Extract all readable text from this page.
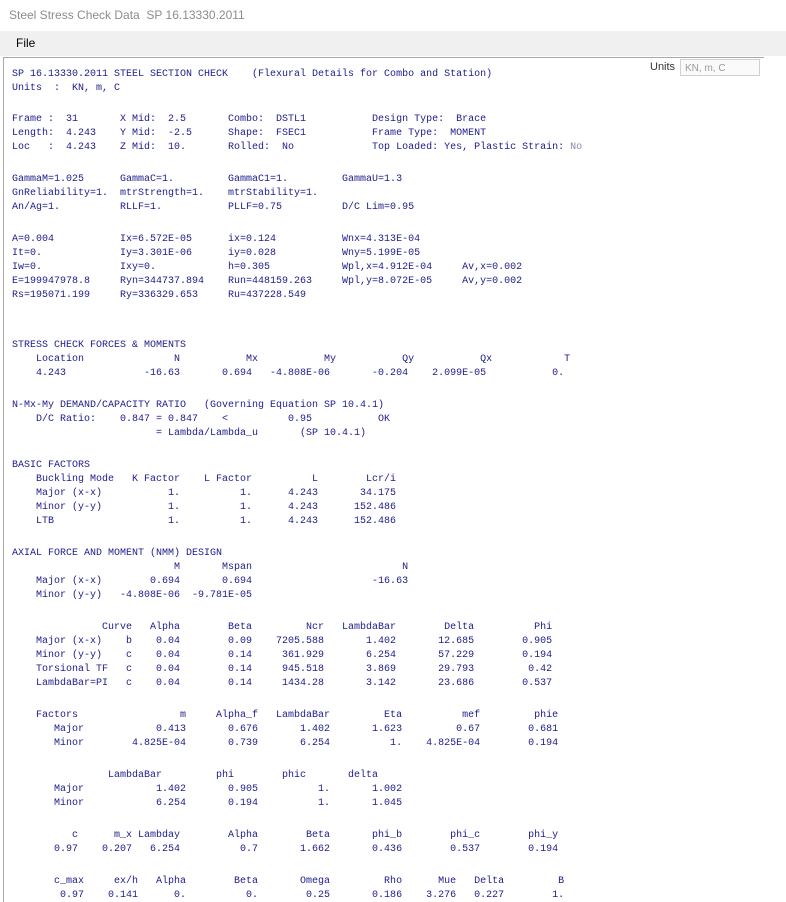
Steel Stress Check Data  SP 16.13330.2011
File
SP 16.13330.2011 STEEL SECTION CHECK    (Flexural Details for Combo and Station)
Units  :  KN, m, C
Frame :  31       X Mid:  2.5       Combo:  DSTL1           Design Type:  Brace
Length:  4.243    Y Mid:  -2.5      Shape:  FSEC1           Frame Type:  MOMENT
Loc   :  4.243    Z Mid:  10.       Rolled:  No             Top Loaded: Yes, Plastic Strain: No
GammaM=1.025      GammaC=1.         GammaC1=1.         GammaU=1.3
GnReliability=1.  mtrStrength=1.    mtrStability=1.
An/Ag=1.          RLLF=1.           PLLF=0.75          D/C Lim=0.95
A=0.004           Ix=6.572E-05      ix=0.124           Wnx=4.313E-04
It=0.             Iy=3.301E-06      iy=0.028           Wny=5.199E-05
Iw=0.             Ixy=0.            h=0.305            Wpl,x=4.912E-04     Av,x=0.002
E=199947978.8     Ryn=344737.894    Run=448159.263     Wpl,y=8.072E-05     Av,y=0.002
Rs=195071.199     Ry=336329.653     Ru=437228.549
STRESS CHECK FORCES & MOMENTS
Location               N           Mx           My           Qy           Qx            T
4.243             -16.63       0.694   -4.808E-06       -0.204    2.099E-05           0.
N-Mx-My DEMAND/CAPACITY RATIO   (Governing Equation SP 10.4.1)
D/C Ratio:    0.847 = 0.847    <          0.95           OK
= Lambda/Lambda_u       (SP 10.4.1)
BASIC FACTORS
Buckling Mode   K Factor    L Factor          L        Lcr/i
Major (x-x)           1.          1.      4.243       34.175
Minor (y-y)           1.          1.      4.243      152.486
LTB                   1.          1.      4.243      152.486
AXIAL FORCE AND MOMENT (NMM) DESIGN
M       Mspan                         N
Major (x-x)        0.694       0.694                    -16.63
Minor (y-y)   -4.808E-06  -9.781E-05
Curve   Alpha        Beta         Ncr   LambdaBar        Delta          Phi
Major (x-x)    b    0.04        0.09    7205.588       1.402       12.685        0.905
Minor (y-y)    c    0.04        0.14     361.929       6.254       57.229        0.194
Torsional TF   c    0.04        0.14     945.518       3.869       29.793         0.42
LambdaBar=PI   c    0.04        0.14     1434.28       3.142       23.686        0.537
Factors                 m     Alpha_f   LambdaBar         Eta          mef         phie
Major            0.413       0.676       1.402       1.623         0.67        0.681
Minor        4.825E-04       0.739       6.254          1.    4.825E-04        0.194
LambdaBar         phi        phic       delta
Major            1.402       0.905          1.       1.002
Minor            6.254       0.194          1.       1.045
c      m_x Lambday        Alpha        Beta       phi_b        phi_c        phi_y
0.97    0.207   6.254          0.7       1.662       0.436        0.537        0.194
c_max     ex/h   Alpha        Beta       Omega         Rho      Mue   Delta         B
0.97    0.141      0.          0.        0.25       0.186    3.276   0.227        1.
Units KN, m, C
